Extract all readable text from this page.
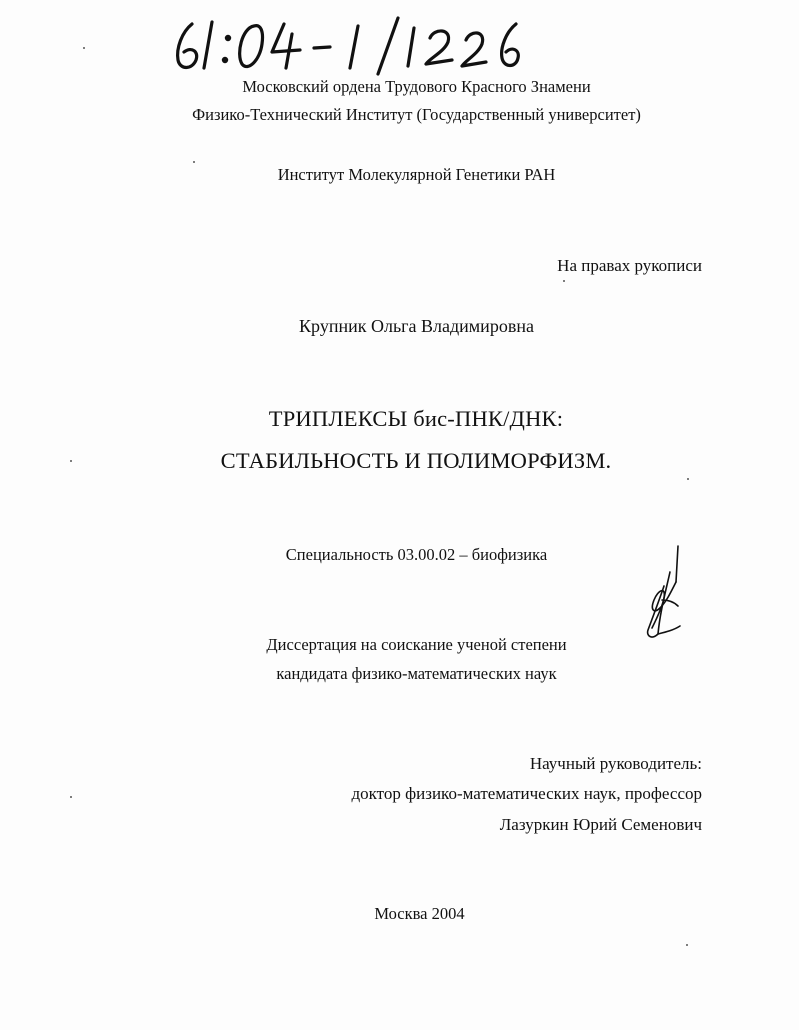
Московский ордена Трудового Красного Знамени
Физико-Технический Институт (Государственный университет)
Институт Молекулярной Генетики РАН
На правах рукописи
Крупник Ольга Владимировна
ТРИПЛЕКСЫ бис-ПНК/ДНК:
СТАБИЛЬНОСТЬ И ПОЛИМОРФИЗМ.
Специальность 03.00.02 – биофизика
Диссертация на соискание ученой степени
кандидата физико-математических наук
Научный руководитель:
доктор физико-математических наук, профессор
Лазуркин Юрий Семенович
Москва 2004
